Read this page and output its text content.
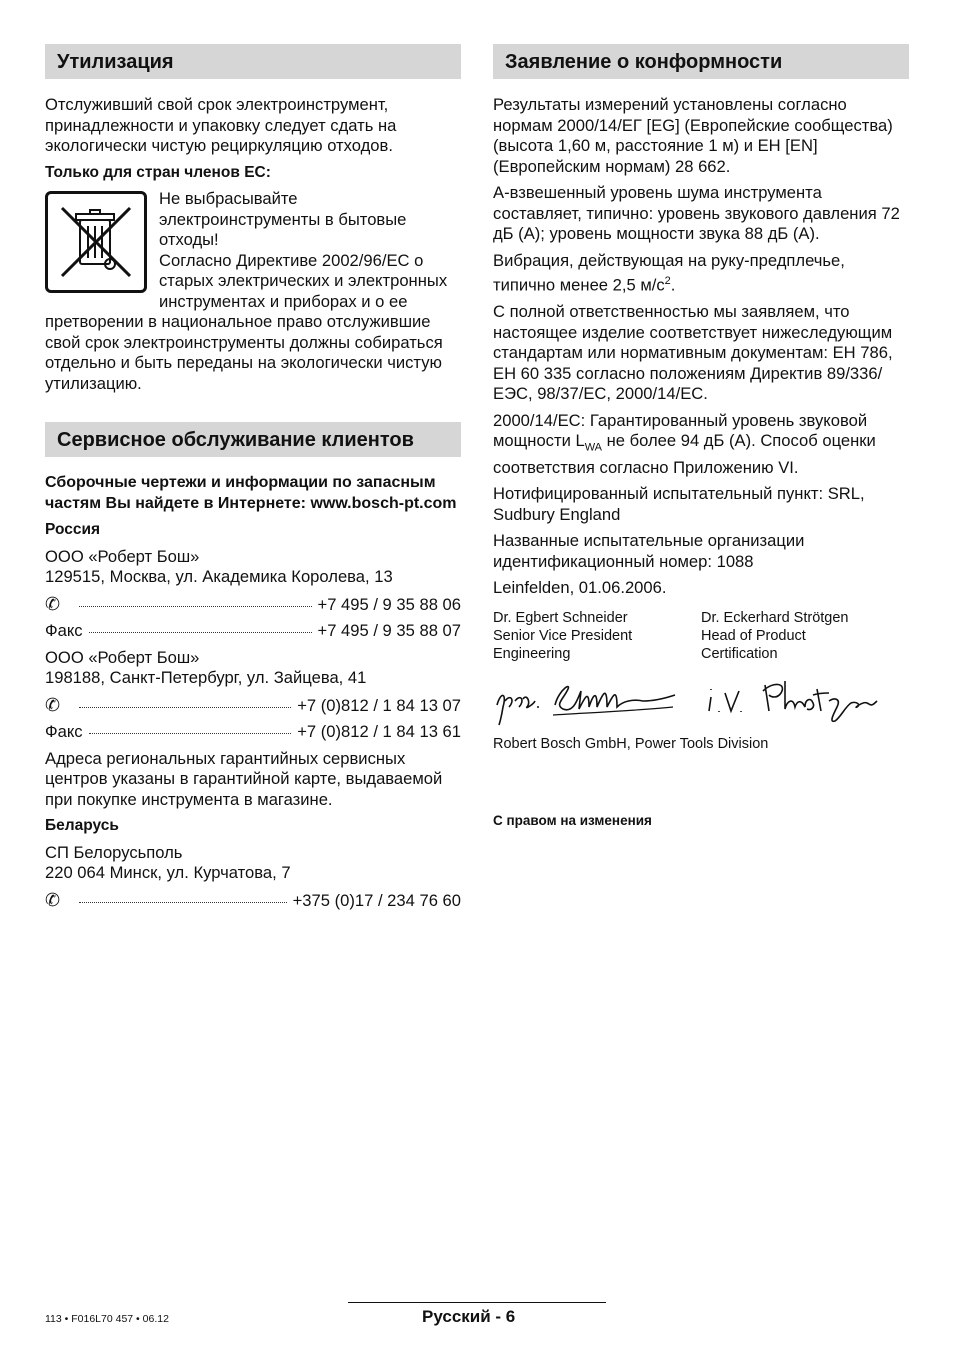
Утилизация

Отслуживший свой срок электроинструмент, принадлежности и упаковку следует сдать на экологически чистую рециркуляцию отходов.

Только для стран членов ЕС:

Не выбрасывайте электроинструменты в бытовые отходы!

Согласно Директиве 2002/96/ЕС о старых электрических и электронных инструментах и приборах и о ее претворении в национальное право отслужившие свой срок электроинструменты должны собираться отдельно и быть переданы на экологически чистую утилизацию.

Сервисное обслуживание клиентов

Сборочные чертежи и информации по запасным частям Вы найдете в Интернете: www.bosch-pt.com

Россия

ООО «Роберт Бош»

129515, Москва, ул. Академика Королева, 13

✆	+7 495 / 9 35 88 06
Факс	+7 495 / 9 35 88 07

ООО «Роберт Бош»

198188, Санкт-Петербург, ул. Зайцева, 41

✆	+7 (0)812 / 1 84 13 07
Факс	+7 (0)812 / 1 84 13 61

Адреса региональных гарантийных сервисных центров указаны в гарантийной карте, выдаваемой при покупке инструмента в магазине.

Беларусь

СП Белорусьполь

220 064 Минск, ул. Курчатова, 7

✆	+375 (0)17 / 234 76 60
Заявление о конформности

Результаты измерений установлены согласно нормам 2000/14/ЕГ [EG] (Европейские сообщества) (высота 1,60 м, расстояние 1 м) и ЕН [EN] (Европейским нормам) 28 662.

А-взвешенный уровень шума инструмента составляет, типично: уровень звукового давления 72 дБ (А); уровень мощности звука 88 дБ (А).

Вибрация, действующая на руку-предплечье, типично менее 2,5 $м/с^2$.

С полной ответственностью мы заявляем, что настоящее изделие соответствует нижеследующим стандартам или нормативным документам: ЕН 786, ЕН 60 335 согласно положениям Директив 89/336/ЕЭС, 98/37/ЕС, 2000/14/ЕС.

2000/14/ЕС: Гарантированный уровень звуковой мощности $L_{WA}$ не более 94 дБ (А). Способ оценки соответствия согласно Приложению VI.

Нотифицированный испытательный пункт: SRL, Sudbury England

Названные испытательные организации идентификационный номер: 1088

Leinfelden, 01.06.2006.

Dr. Egbert Schneider
Senior Vice President
Engineering
Dr. Eckerhard Strötgen
Head of Product
Certification

Robert Bosch GmbH, Power Tools Division

С правом на изменения

113 • F016L70 457 • 06.12	Русский - 6
